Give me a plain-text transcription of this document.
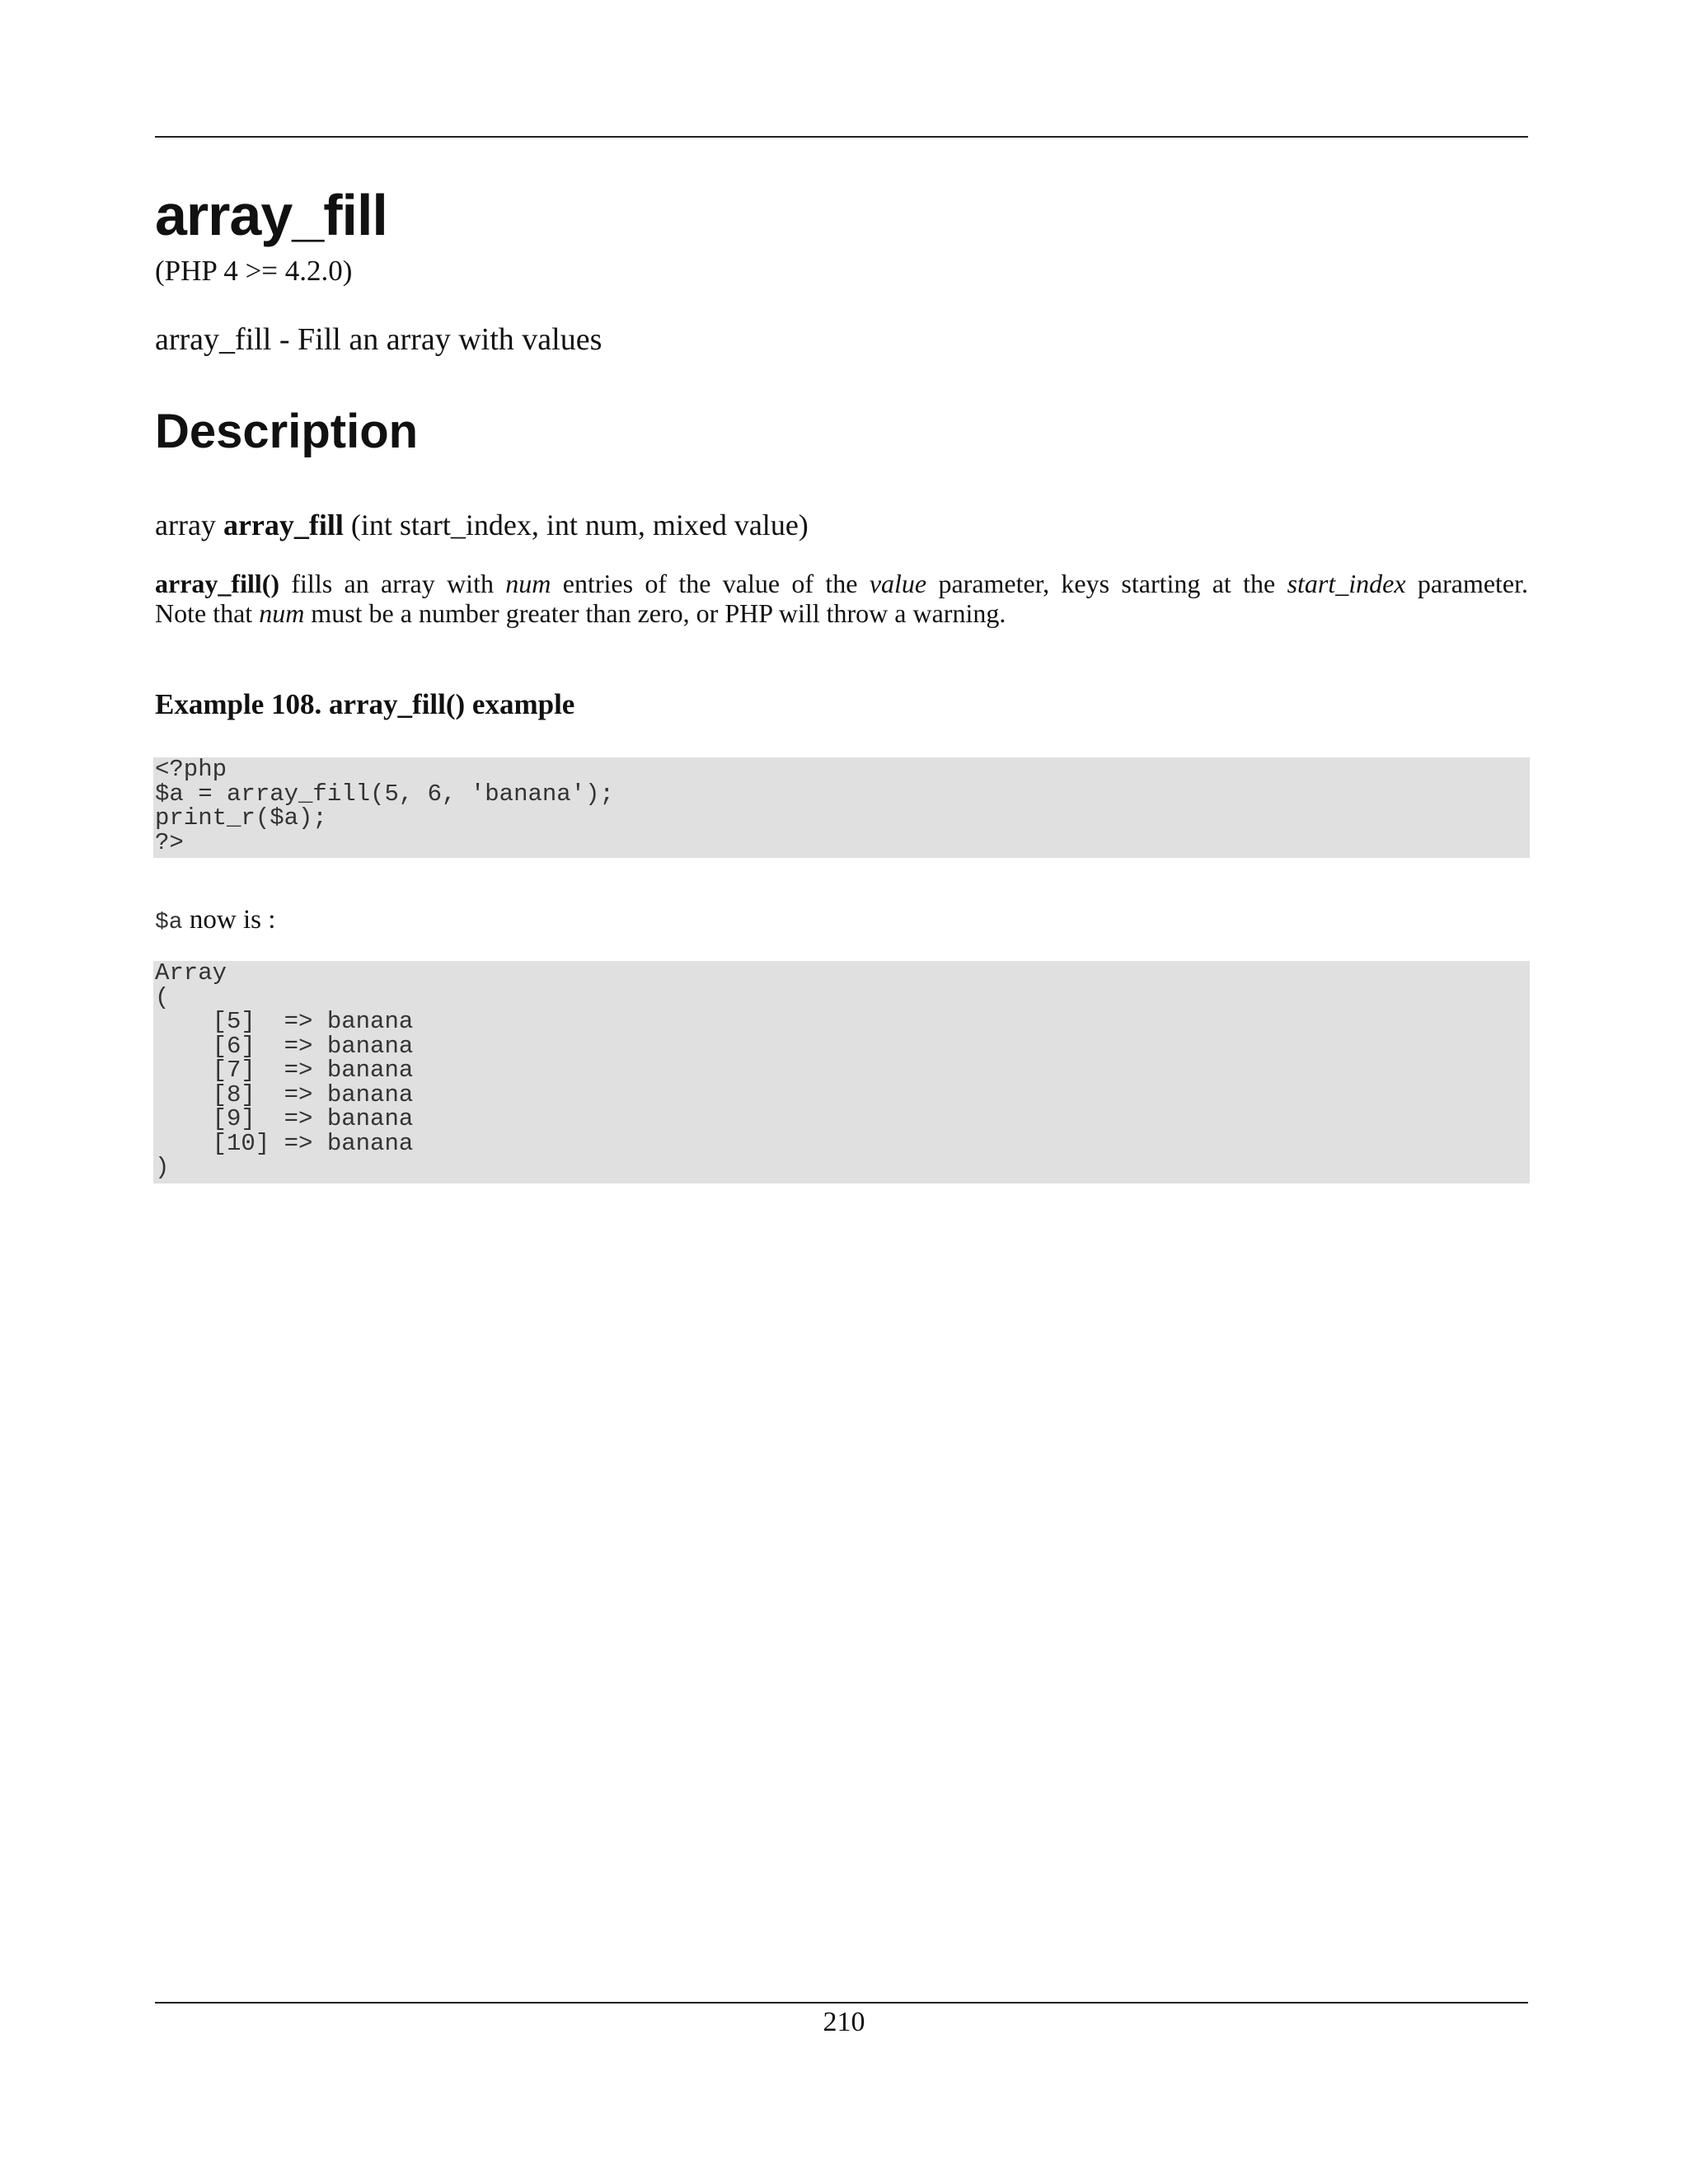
array_fill
(PHP 4 >= 4.2.0)
array_fill - Fill an array with values
Description
array array_fill (int start_index, int num, mixed value)
array_fill() fills an array with num entries of the value of the value parameter, keys starting at the start_index parameter.
Note that num must be a number greater than zero, or PHP will throw a warning.
Example 108. array_fill() example
<?php
$a = array_fill(5, 6, 'banana');
print_r($a);
?>
$a now is :
Array
(
[5]  => banana
[6]  => banana
[7]  => banana
[8]  => banana
[9]  => banana
[10] => banana
)
210
